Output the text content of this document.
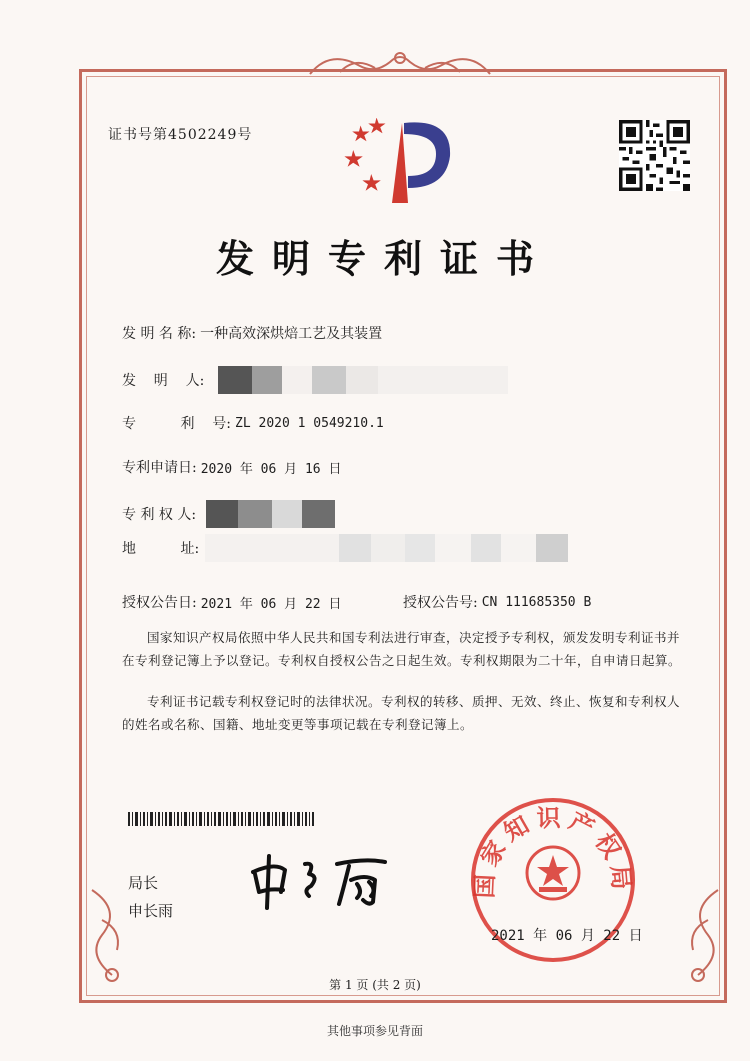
证书号第4502249号
发明专利证书
发 明 名 称: 一种高效深烘焙工艺及其装置
发    明    人:
专          利    号: ZL 2020 1 0549210.1
专利申请日: 2020 年 06 月 16 日
专 利 权 人:
地          址:
授权公告日: 2021 年 06 月 22 日	授权公告号: CN 111685350 B
国家知识产权局依照中华人民共和国专利法进行审查，决定授予专利权，颁发发明专利证书并在专利登记簿上予以登记。专利权自授权公告之日起生效。专利权期限为二十年，自申请日起算。
专利证书记载专利权登记时的法律状况。专利权的转移、质押、无效、终止、恢复和专利权人的姓名或名称、国籍、地址变更等事项记载在专利登记簿上。
局长
申长雨
国家知识产权局
2021 年 06 月 22 日
第 1 页 (共 2 页)
其他事项参见背面
